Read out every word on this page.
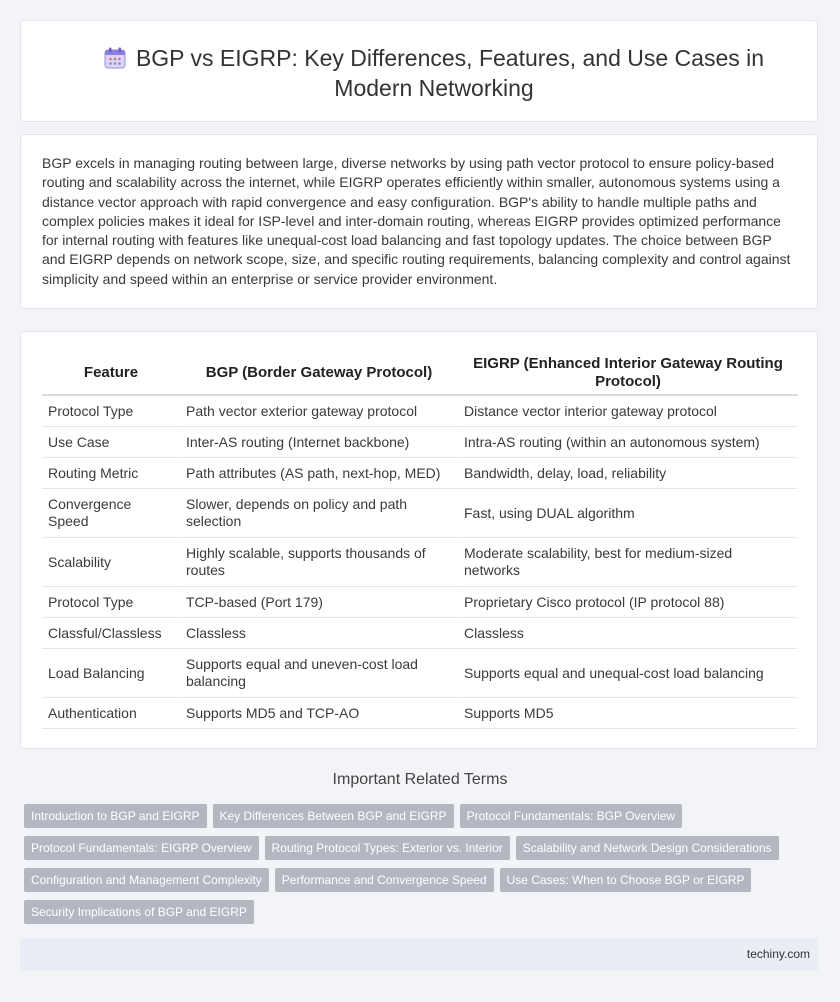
BGP vs EIGRP: Key Differences, Features, and Use Cases in Modern Networking
BGP excels in managing routing between large, diverse networks by using path vector protocol to ensure policy-based routing and scalability across the internet, while EIGRP operates efficiently within smaller, autonomous systems using a distance vector approach with rapid convergence and easy configuration. BGP's ability to handle multiple paths and complex policies makes it ideal for ISP-level and inter-domain routing, whereas EIGRP provides optimized performance for internal routing with features like unequal-cost load balancing and fast topology updates. The choice between BGP and EIGRP depends on network scope, size, and specific routing requirements, balancing complexity and control against simplicity and speed within an enterprise or service provider environment.
Feature	BGP (Border Gateway Protocol)	EIGRP (Enhanced Interior Gateway Routing Protocol)
Protocol Type	Path vector exterior gateway protocol	Distance vector interior gateway protocol
Use Case	Inter-AS routing (Internet backbone)	Intra-AS routing (within an autonomous system)
Routing Metric	Path attributes (AS path, next-hop, MED)	Bandwidth, delay, load, reliability
Convergence Speed	Slower, depends on policy and path selection	Fast, using DUAL algorithm
Scalability	Highly scalable, supports thousands of routes	Moderate scalability, best for medium-sized networks
Protocol Type	TCP-based (Port 179)	Proprietary Cisco protocol (IP protocol 88)
Classful/Classless	Classless	Classless
Load Balancing	Supports equal and uneven-cost load balancing	Supports equal and unequal-cost load balancing
Authentication	Supports MD5 and TCP-AO	Supports MD5
Important Related Terms
Introduction to BGP and EIGRP Key Differences Between BGP and EIGRP Protocol Fundamentals: BGP Overview
Protocol Fundamentals: EIGRP Overview Routing Protocol Types: Exterior vs. Interior Scalability and Network Design Considerations
Configuration and Management Complexity Performance and Convergence Speed Use Cases: When to Choose BGP or EIGRP
Security Implications of BGP and EIGRP
techiny.com
